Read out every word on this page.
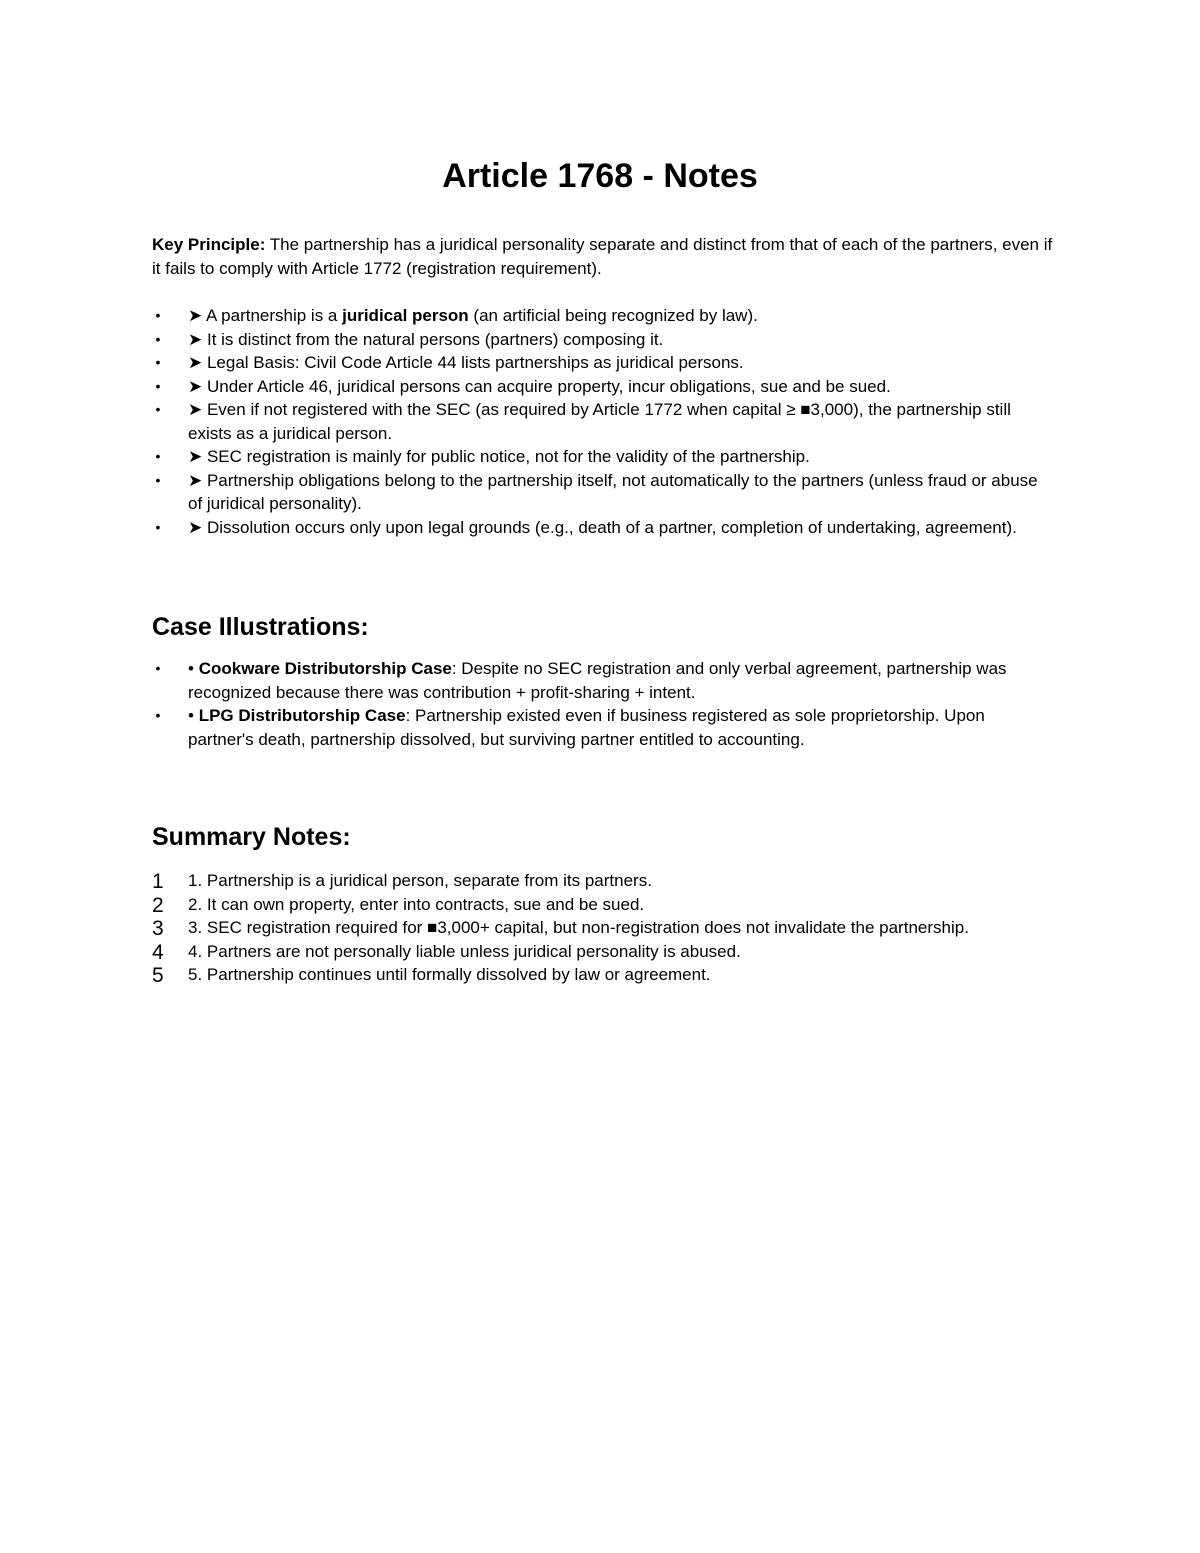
Article 1768 - Notes

Key Principle: The partnership has a juridical personality separate and distinct from that of each of the partners, even if it fails to comply with Article 1772 (registration requirement).

• ➤ A partnership is a juridical person (an artificial being recognized by law).
• ➤ It is distinct from the natural persons (partners) composing it.
• ➤ Legal Basis: Civil Code Article 44 lists partnerships as juridical persons.
• ➤ Under Article 46, juridical persons can acquire property, incur obligations, sue and be sued.
• ➤ Even if not registered with the SEC (as required by Article 1772 when capital ≥ ■3,000), the partnership still exists as a juridical person.
• ➤ SEC registration is mainly for public notice, not for the validity of the partnership.
• ➤ Partnership obligations belong to the partnership itself, not automatically to the partners (unless fraud or abuse of juridical personality).
• ➤ Dissolution occurs only upon legal grounds (e.g., death of a partner, completion of undertaking, agreement).
Case Illustrations:
• • Cookware Distributorship Case: Despite no SEC registration and only verbal agreement, partnership was recognized because there was contribution + profit-sharing + intent.
• • LPG Distributorship Case: Partnership existed even if business registered as sole proprietorship. Upon partner's death, partnership dissolved, but surviving partner entitled to accounting.
Summary Notes:
1 1. Partnership is a juridical person, separate from its partners.
2 2. It can own property, enter into contracts, sue and be sued.
3 3. SEC registration required for ■3,000+ capital, but non-registration does not invalidate the partnership.
4 4. Partners are not personally liable unless juridical personality is abused.
5 5. Partnership continues until formally dissolved by law or agreement.
